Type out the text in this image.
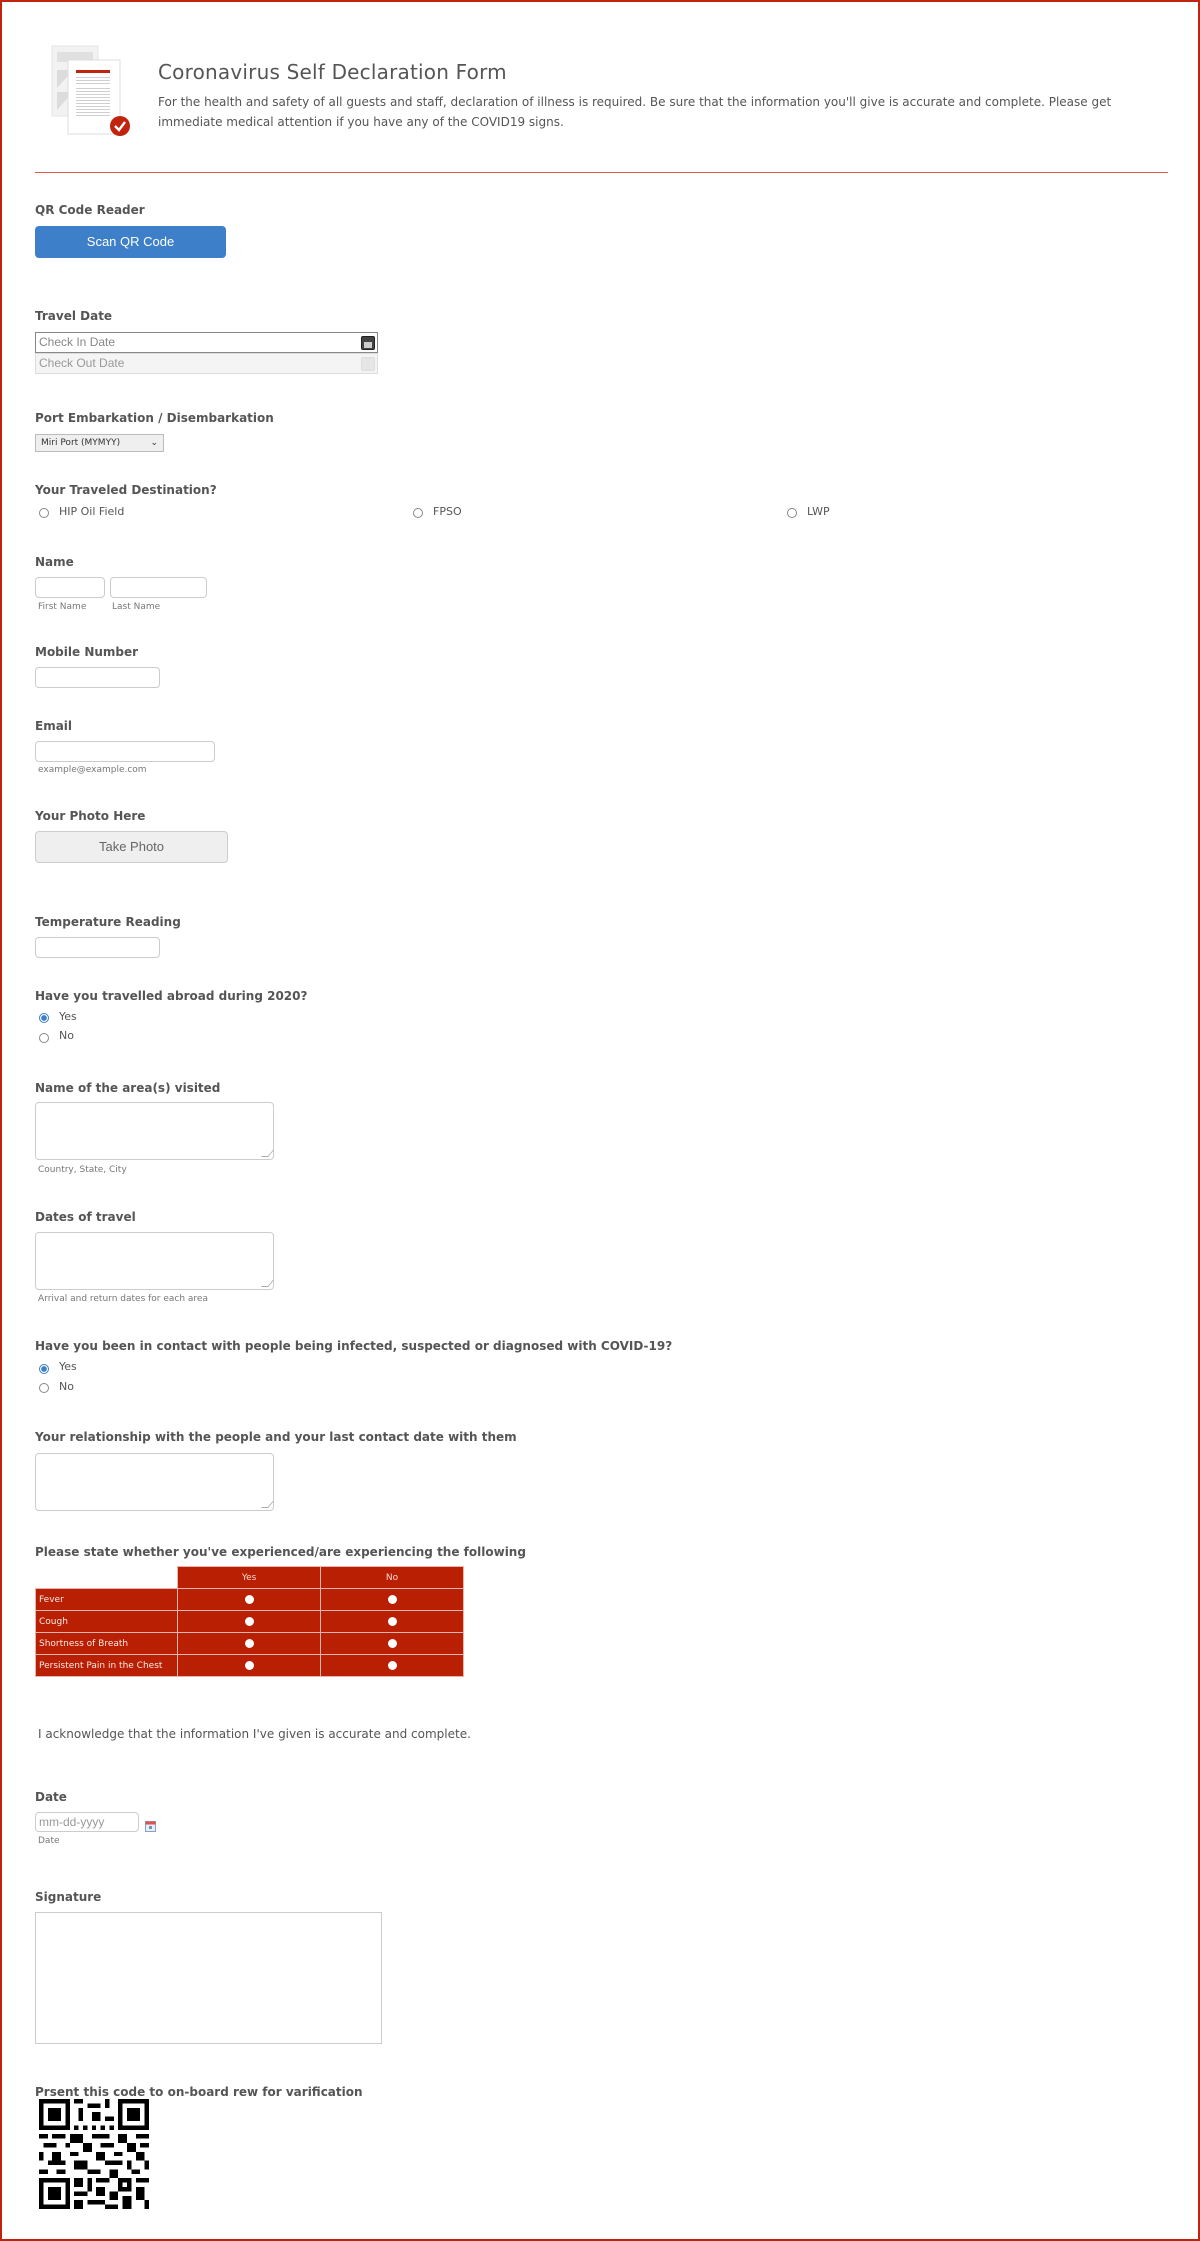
Coronavirus Self Declaration Form
For the health and safety of all guests and staff, declaration of illness is required. Be sure that the information you'll give is accurate and complete. Please get immediate medical attention if you have any of the COVID19 signs.
QR Code Reader
Scan QR Code
Travel Date
Check In Date
Check Out Date
Port Embarkation / Disembarkation
Miri Port (MYMYY)	⌄
Your Traveled Destination?
HIP Oil Field	FPSO	LWP
Name
First Name	Last Name
Mobile Number
Email
example@example.com
Your Photo Here
Take Photo
Temperature Reading
Have you travelled abroad during 2020?
Yes
No
Name of the area(s) visited
Country, State, City
Dates of travel
Arrival and return dates for each area
Have you been in contact with people being infected, suspected or diagnosed with COVID-19?
Yes
No
Your relationship with the people and your last contact date with them
Please state whether you've experienced/are experiencing the following
	Yes	No
Fever		
Cough		
Shortness of Breath		
Persistent Pain in the Chest		
I acknowledge that the information I've given is accurate and complete.
Date
mm-dd-yyyy
Date
Signature
Prsent this code to on-board rew for varification
